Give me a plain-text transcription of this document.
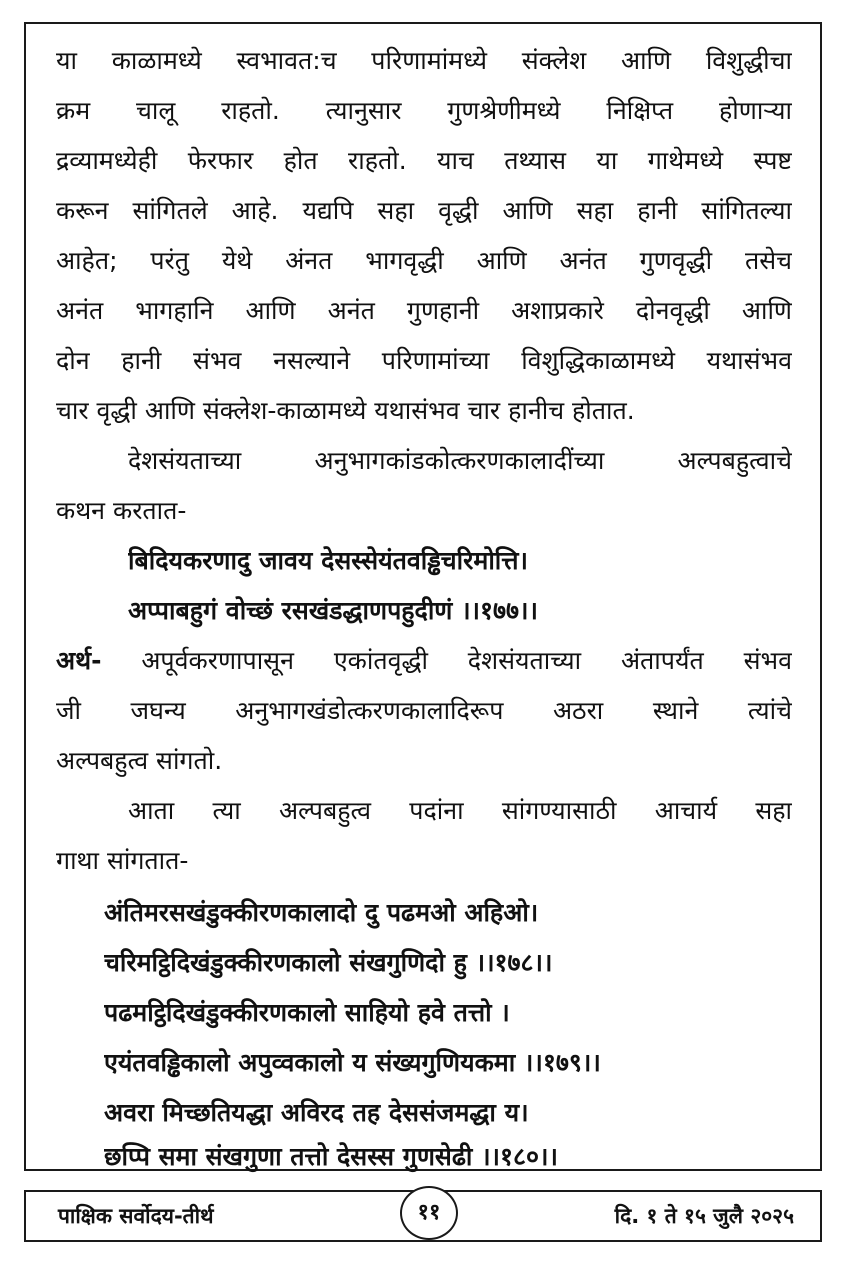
या काळामध्ये स्वभावत:च परिणामांमध्ये संक्लेश आणि विशुद्धीचा
क्रम चालू राहतो. त्यानुसार गुणश्रेणीमध्ये निक्षिप्त होणाऱ्या
द्रव्यामध्येही फेरफार होत राहतो. याच तथ्यास या गाथेमध्ये स्पष्ट
करून सांगितले आहे. यद्यपि सहा वृद्धी आणि सहा हानी सांगितल्या
आहेत; परंतु येथे अंनत भागवृद्धी आणि अनंत गुणवृद्धी तसेच
अनंत भागहानि आणि अनंत गुणहानी अशाप्रकारे दोनवृद्धी आणि
दोन हानी संभव नसल्याने परिणामांच्या विशुद्धिकाळामध्ये यथासंभव
चार वृद्धी आणि संक्लेश-काळामध्ये यथासंभव चार हानीच होतात.
देशसंयताच्या अनुभागकांडकोत्करणकालादींच्या अल्पबहुत्वाचे
कथन करतात-
बिदियकरणादु जावय देसस्सेयंतवड्ढिचरिमोत्ति।
अप्पाबहुगं वोच्छं रसखंडद्धाणपहुदीणं ।।१७७।।
अर्थ- अपूर्वकरणापासून एकांतवृद्धी देशसंयताच्या अंतापर्यंत संभव
जी जघन्य अनुभागखंडोत्करणकालादिरूप अठरा स्थाने त्यांचे
अल्पबहुत्व सांगतो.
आता त्या अल्पबहुत्व पदांना सांगण्यासाठी आचार्य सहा
गाथा सांगतात-
अंतिमरसखंडुक्कीरणकालादो दु पढमओ अहिओ।
चरिमट्ठिदिखंडुक्कीरणकालो संखगुणिदो हु ।।१७८।।
पढमट्ठिदिखंडुक्कीरणकालो साहियो हवे तत्तो ।
एयंतवड्ढिकालो अपुव्वकालो य संख्यगुणियकमा ।।१७९।।
अवरा मिच्छतियद्धा अविरद तह देससंजमद्धा य।
छप्पि समा संखगुणा तत्तो देसस्स गुणसेढी ।।१८०।।
पाक्षिक सर्वोदय-तीर्थ	११	दि. १ ते १५ जुलै २०२५
